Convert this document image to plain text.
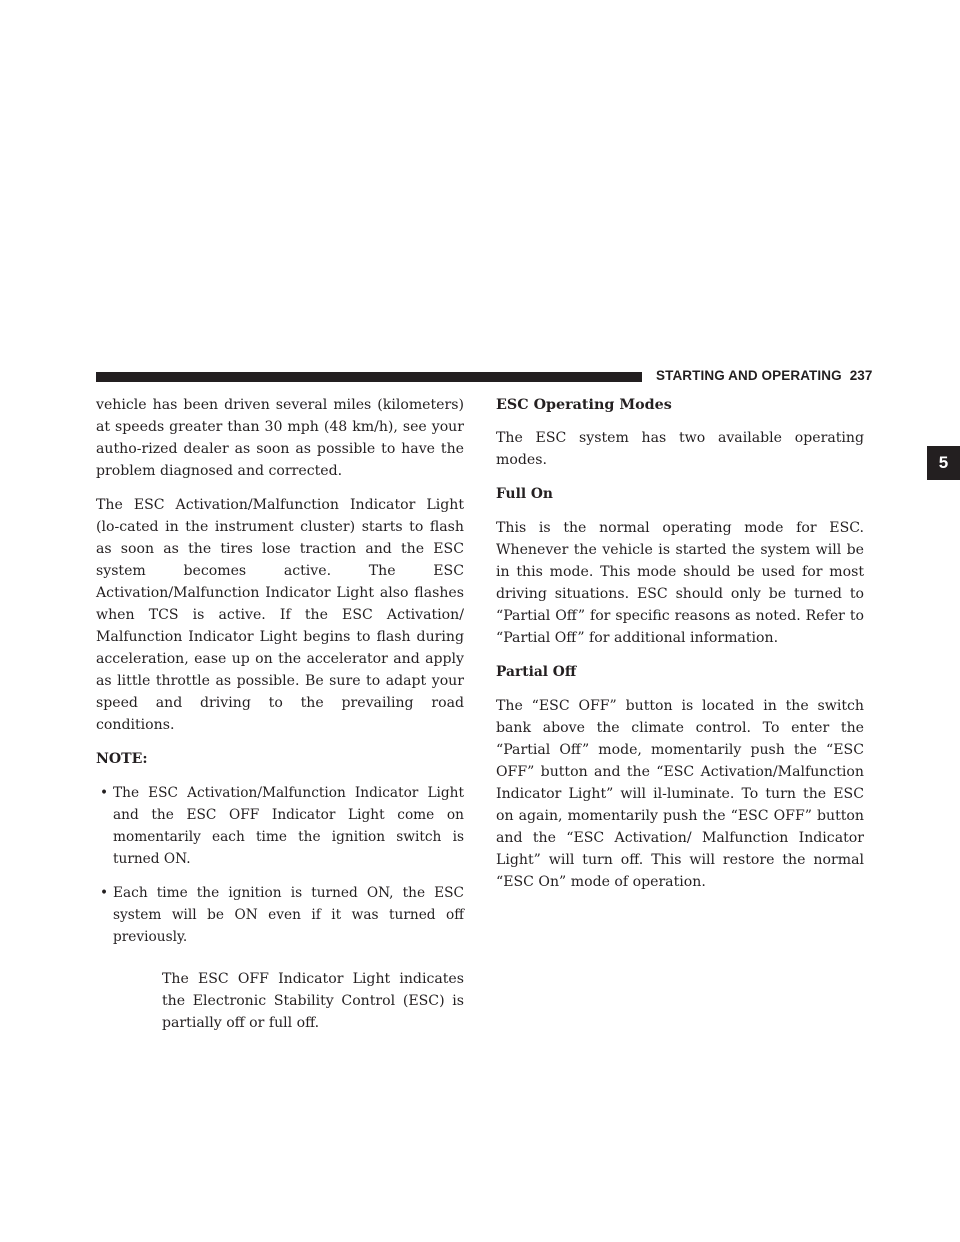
STARTING AND OPERATING 237
5

vehicle has been driven several miles (kilometers) at speeds greater than 30 mph (48 km/h), see your autho-rized dealer as soon as possible to have the problem diagnosed and corrected.

The ESC Activation/Malfunction Indicator Light (lo-cated in the instrument cluster) starts to flash as soon as the tires lose traction and the ESC system becomes active. The ESC Activation/Malfunction Indicator Light also flashes when TCS is active. If the ESC Activation/ Malfunction Indicator Light begins to flash during acceleration, ease up on the accelerator and apply as little throttle as possible. Be sure to adapt your speed and driving to the prevailing road conditions.

NOTE:
• The ESC Activation/Malfunction Indicator Light and the ESC OFF Indicator Light come on momentarily each time the ignition switch is turned ON.
• Each time the ignition is turned ON, the ESC system will be ON even if it was turned off previously.

The ESC OFF Indicator Light indicates the Electronic Stability Control (ESC) is partially off or full off.

ESC Operating Modes

The ESC system has two available operating modes.

Full On

This is the normal operating mode for ESC. Whenever the vehicle is started the system will be in this mode. This mode should be used for most driving situations. ESC should only be turned to “Partial Off” for specific reasons as noted. Refer to “Partial Off” for additional information.

Partial Off

The “ESC OFF” button is located in the switch bank above the climate control. To enter the “Partial Off” mode, momentarily push the “ESC OFF” button and the “ESC Activation/Malfunction Indicator Light” will il-luminate. To turn the ESC on again, momentarily push the “ESC OFF” button and the “ESC Activation/ Malfunction Indicator Light” will turn off. This will restore the normal “ESC On” mode of operation.
